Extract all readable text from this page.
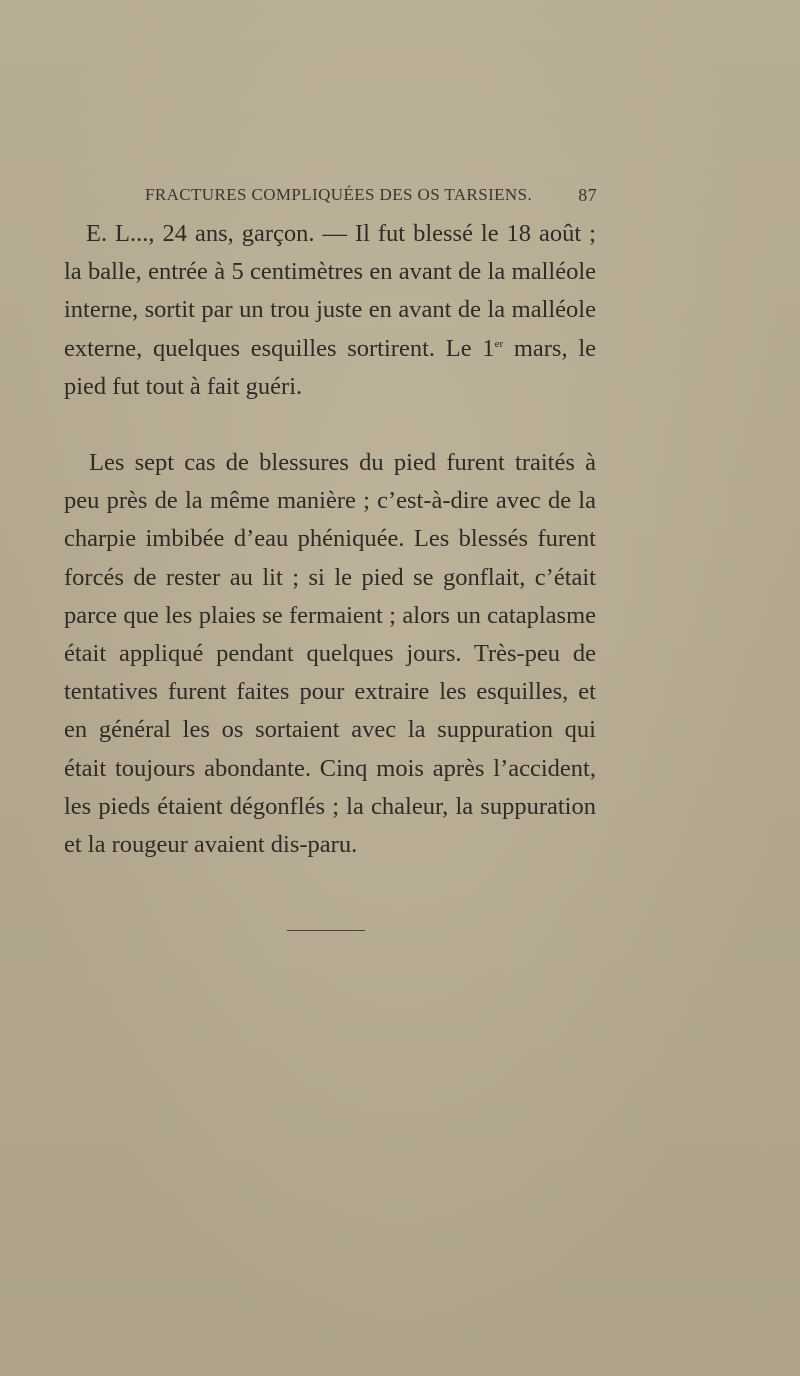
FRACTURES COMPLIQUÉES DES OS TARSIENS.	87

E. L..., 24 ans, garçon. — Il fut blessé le 18 août ; la balle, entrée à 5 centimètres en avant de la malléole interne, sortit par un trou juste en avant de la malléole externe, quelques esquilles sortirent. Le 1er mars, le pied fut tout à fait guéri.

Les sept cas de blessures du pied furent traités à peu près de la même manière ; c’est-à-dire avec de la charpie imbibée d’eau phéniquée. Les blessés furent forcés de rester au lit ; si le pied se gonflait, c’était parce que les plaies se fermaient ; alors un cataplasme était appliqué pendant quelques jours. Très-peu de tentatives furent faites pour extraire les esquilles, et en général les os sortaient avec la suppuration qui était toujours abondante. Cinq mois après l’accident, les pieds étaient dégonflés ; la chaleur, la suppuration et la rougeur avaient dis-paru.
